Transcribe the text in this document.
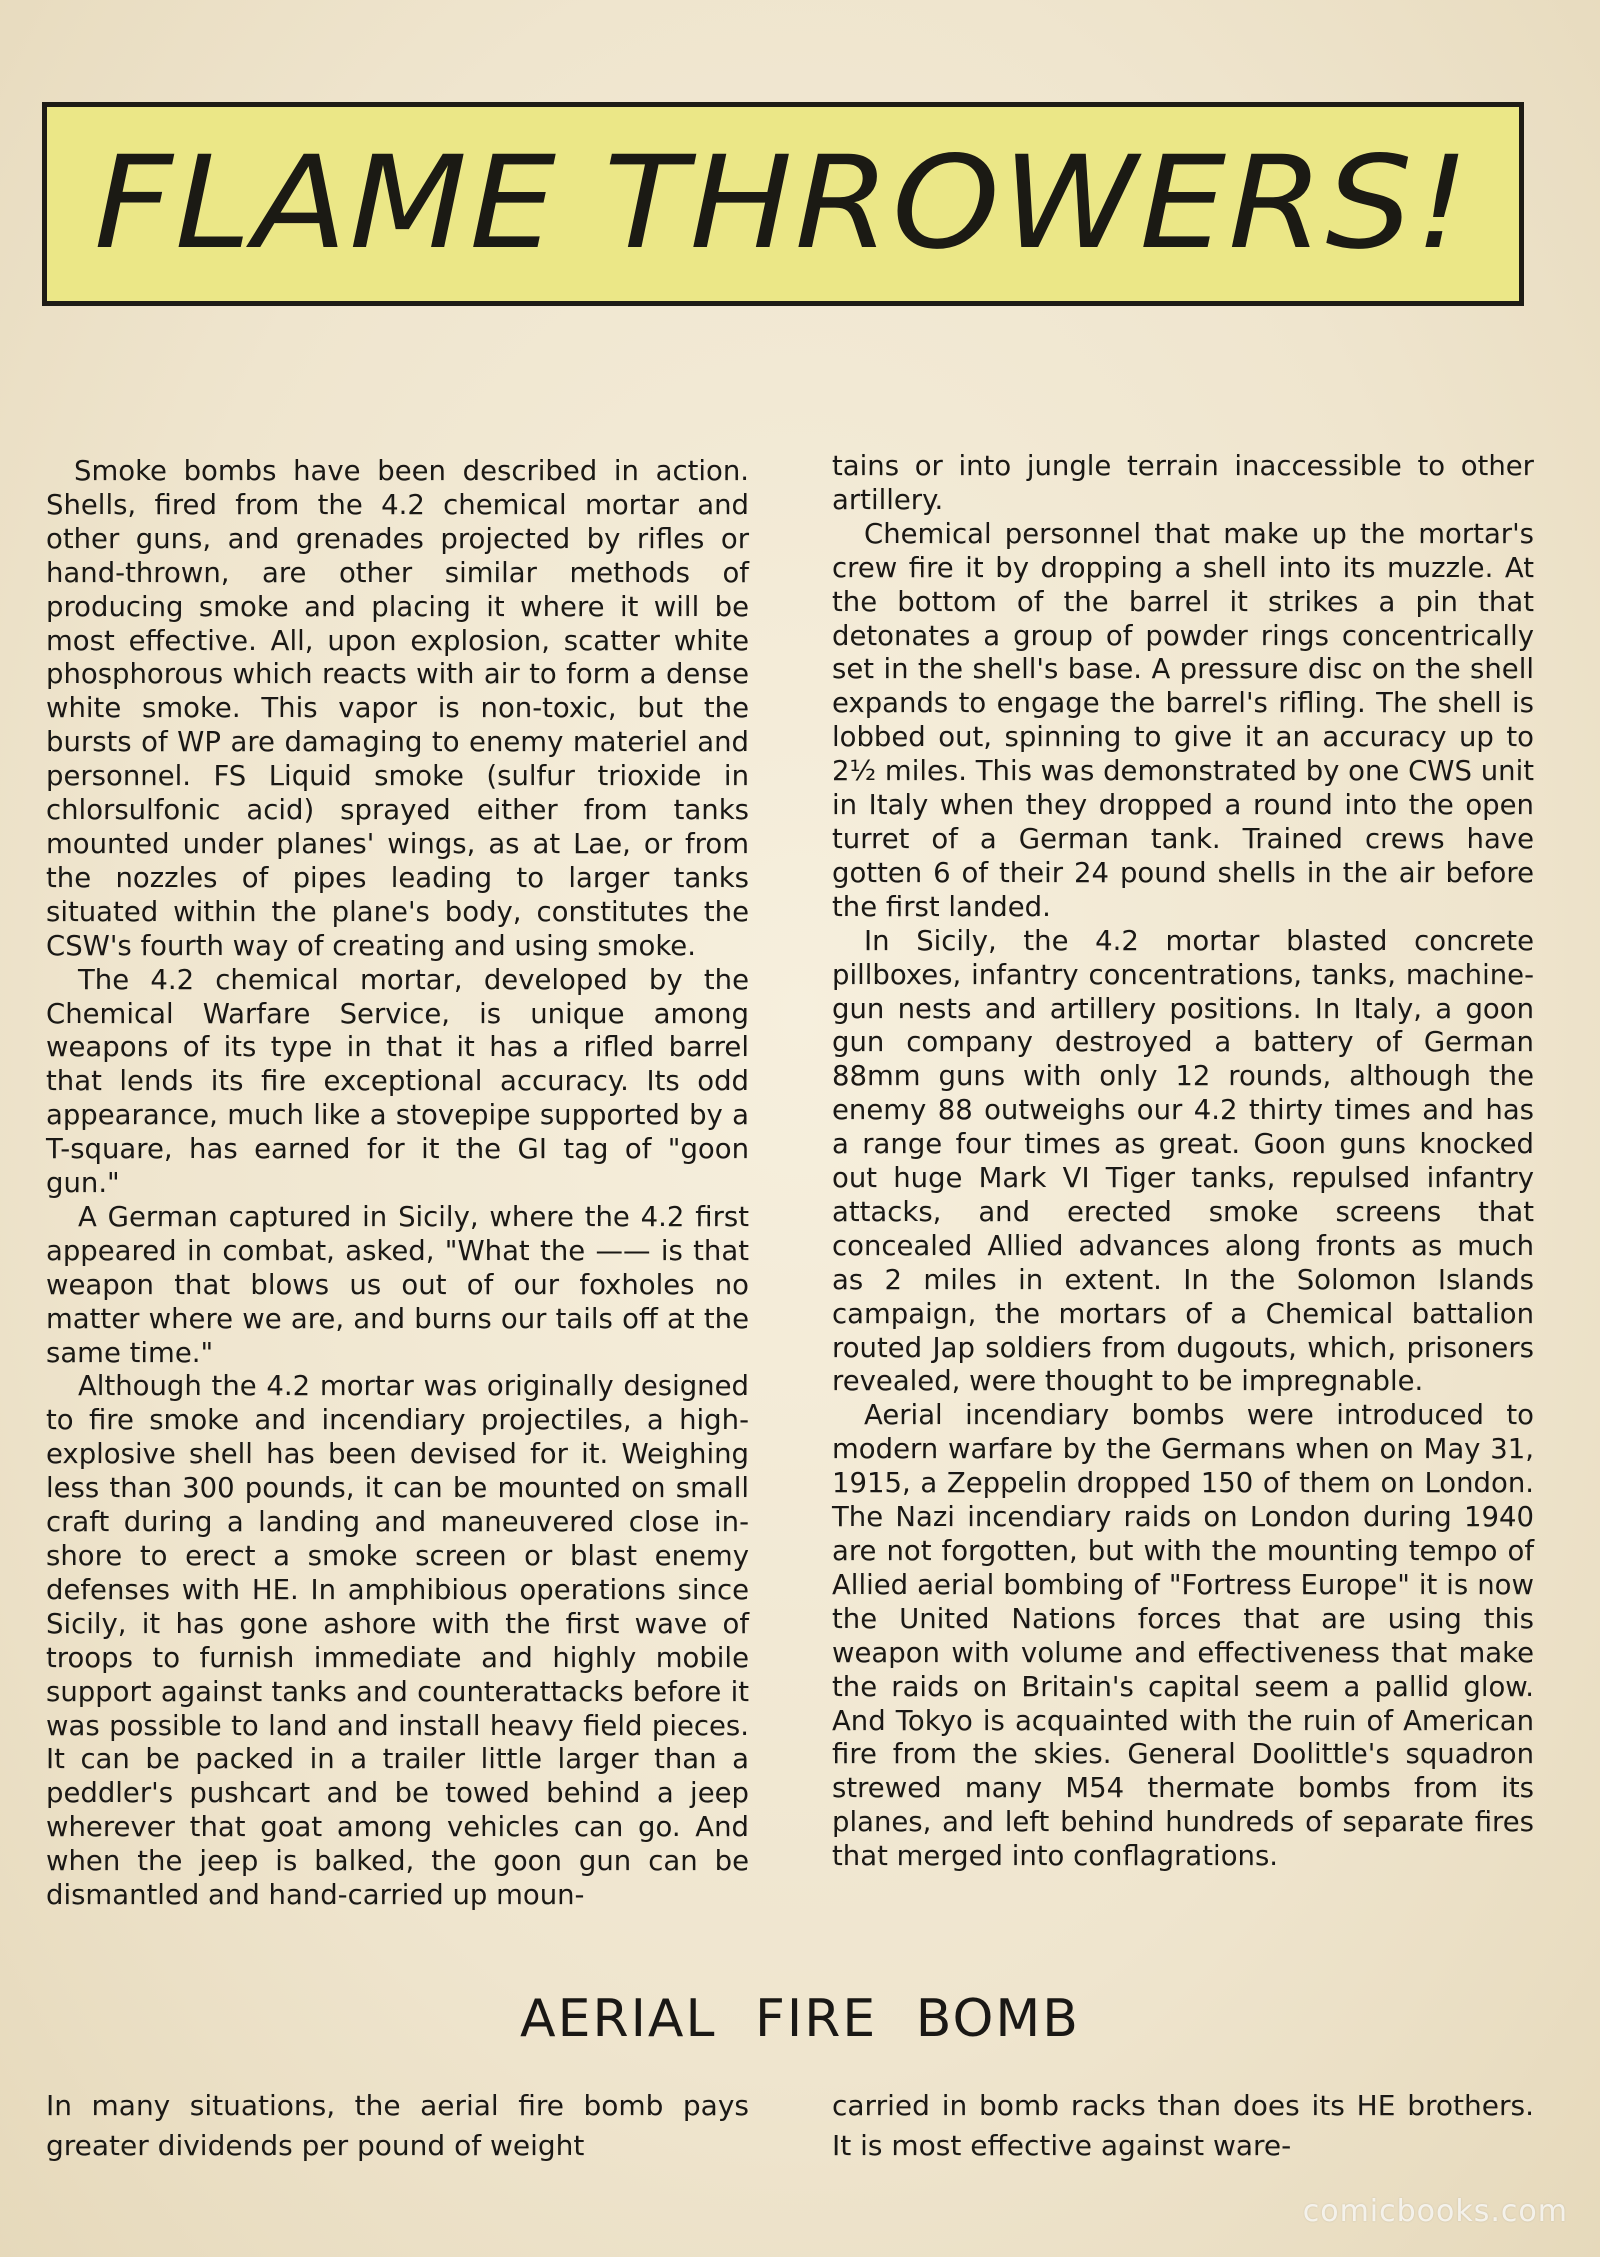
FLAME THROWERS!

Smoke bombs have been described in action. Shells, fired from the 4.2 chemical mortar and other guns, and grenades projected by rifles or hand-thrown, are other similar methods of producing smoke and placing it where it will be most effective. All, upon explosion, scatter white phosphorous which reacts with air to form a dense white smoke. This vapor is non-toxic, but the bursts of WP are damaging to enemy materiel and personnel. FS Liquid smoke (sulfur trioxide in chlorsulfonic acid) sprayed either from tanks mounted under planes' wings, as at Lae, or from the nozzles of pipes leading to larger tanks situated within the plane's body, constitutes the CSW's fourth way of creating and using smoke.

The 4.2 chemical mortar, developed by the Chemical Warfare Service, is unique among weapons of its type in that it has a rifled barrel that lends its fire exceptional accuracy. Its odd appearance, much like a stovepipe supported by a T-square, has earned for it the GI tag of "goon gun."

A German captured in Sicily, where the 4.2 first appeared in combat, asked, "What the —— is that weapon that blows us out of our foxholes no matter where we are, and burns our tails off at the same time."

Although the 4.2 mortar was originally designed to fire smoke and incendiary projectiles, a high-explosive shell has been devised for it. Weighing less than 300 pounds, it can be mounted on small craft during a landing and maneuvered close in-shore to erect a smoke screen or blast enemy defenses with HE. In amphibious operations since Sicily, it has gone ashore with the first wave of troops to furnish immediate and highly mobile support against tanks and counterattacks before it was possible to land and install heavy field pieces. It can be packed in a trailer little larger than a peddler's pushcart and be towed behind a jeep wherever that goat among vehicles can go. And when the jeep is balked, the goon gun can be dismantled and hand-carried up moun-

tains or into jungle terrain inaccessible to other artillery.

Chemical personnel that make up the mortar's crew fire it by dropping a shell into its muzzle. At the bottom of the barrel it strikes a pin that detonates a group of powder rings concentrically set in the shell's base. A pressure disc on the shell expands to engage the barrel's rifling. The shell is lobbed out, spinning to give it an accuracy up to 2½ miles. This was demonstrated by one CWS unit in Italy when they dropped a round into the open turret of a German tank. Trained crews have gotten 6 of their 24 pound shells in the air before the first landed.

In Sicily, the 4.2 mortar blasted concrete pillboxes, infantry concentrations, tanks, machine-gun nests and artillery positions. In Italy, a goon gun company destroyed a battery of German 88mm guns with only 12 rounds, although the enemy 88 outweighs our 4.2 thirty times and has a range four times as great. Goon guns knocked out huge Mark VI Tiger tanks, repulsed infantry attacks, and erected smoke screens that concealed Allied advances along fronts as much as 2 miles in extent. In the Solomon Islands campaign, the mortars of a Chemical battalion routed Jap soldiers from dugouts, which, prisoners revealed, were thought to be impregnable.

Aerial incendiary bombs were introduced to modern warfare by the Germans when on May 31, 1915, a Zeppelin dropped 150 of them on London. The Nazi incendiary raids on London during 1940 are not forgotten, but with the mounting tempo of Allied aerial bombing of "Fortress Europe" it is now the United Nations forces that are using this weapon with volume and effectiveness that make the raids on Britain's capital seem a pallid glow. And Tokyo is acquainted with the ruin of American fire from the skies. General Doolittle's squadron strewed many M54 thermate bombs from its planes, and left behind hundreds of separate fires that merged into conflagrations.

AERIAL FIRE BOMB

In many situations, the aerial fire bomb pays greater dividends per pound of weight

carried in bomb racks than does its HE brothers. It is most effective against ware-

comicbooks.com
